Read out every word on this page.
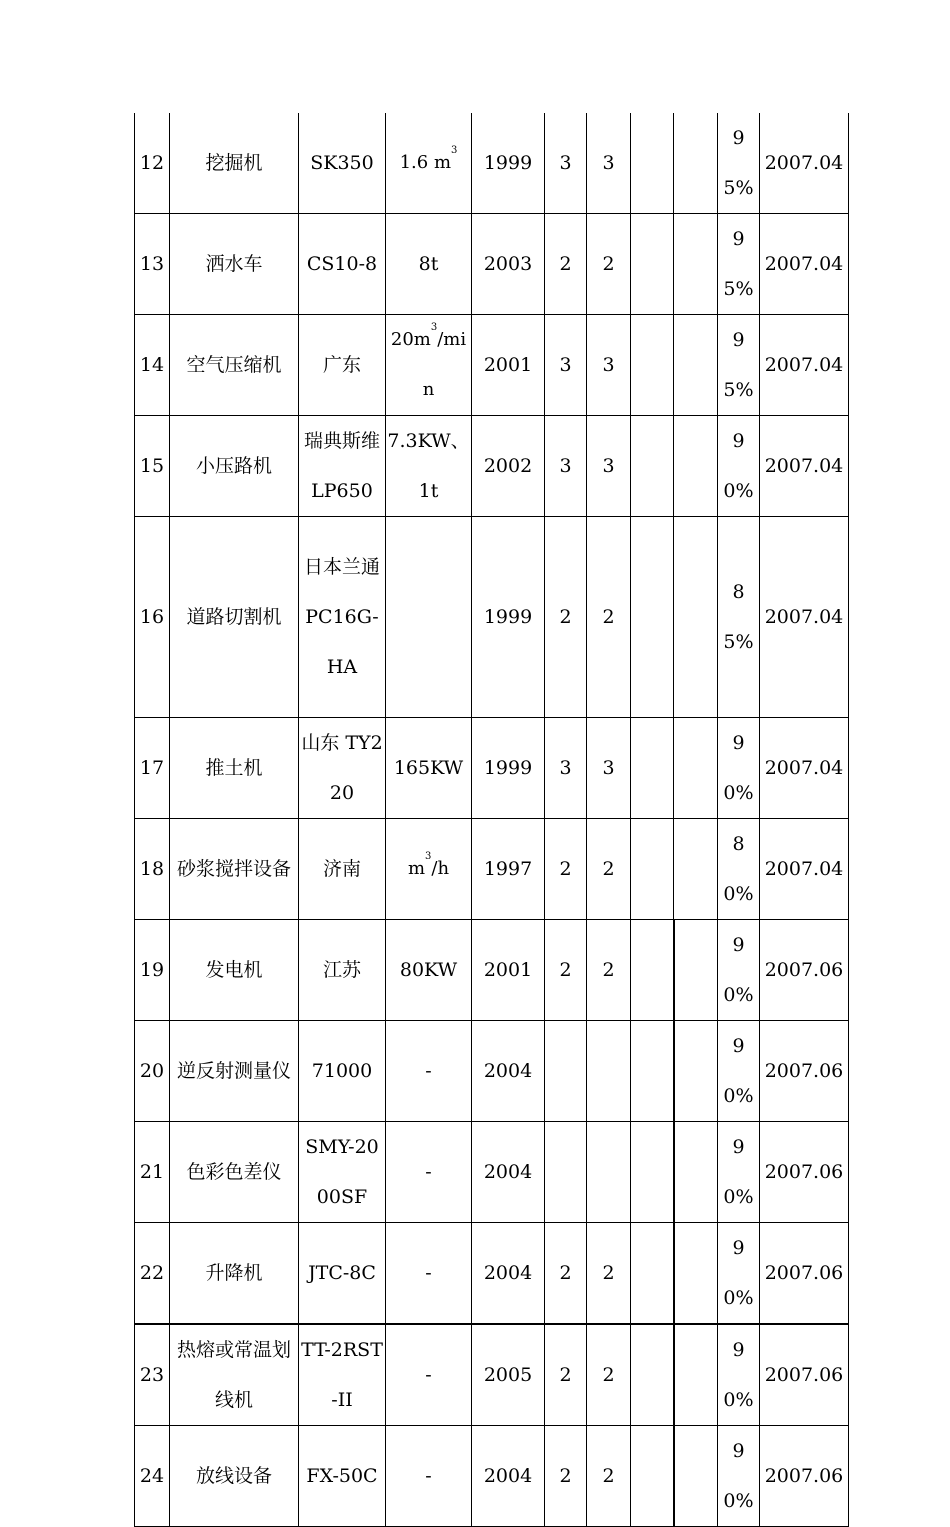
12	挖掘机	SK350	1.6 $m^3$	1999	3	3			95%	2007.04
13	洒水车	CS10-8	8t	2003	2	2			95%	2007.04
14	空气压缩机	广东	$20m^3/\min$	2001	3	3			95%	2007.04
15	小压路机	瑞典斯维 LP650	7.3KW、1t	2002	3	3			90%	2007.04
16	道路切割机	日本兰通 PC16G-HA		1999	2	2			85%	2007.04
17	推土机	山东 TY220	165KW	1999	3	3			90%	2007.04
18	砂浆搅拌设备	济南	$m^3/h$	1997	2	2			80%	2007.04
19	发电机	江苏	80KW	2001	2	2			90%	2007.06
20	逆反射测量仪	71000	-	2004					90%	2007.06
21	色彩色差仪	SMY-2000SF	-	2004					90%	2007.06
22	升降机	JTC-8C	-	2004	2	2			90%	2007.06
23	热熔或常温划线机	TT-2RST-II	-	2005	2	2			90%	2007.06
24	放线设备	FX-50C	-	2004	2	2			90%	2007.06
